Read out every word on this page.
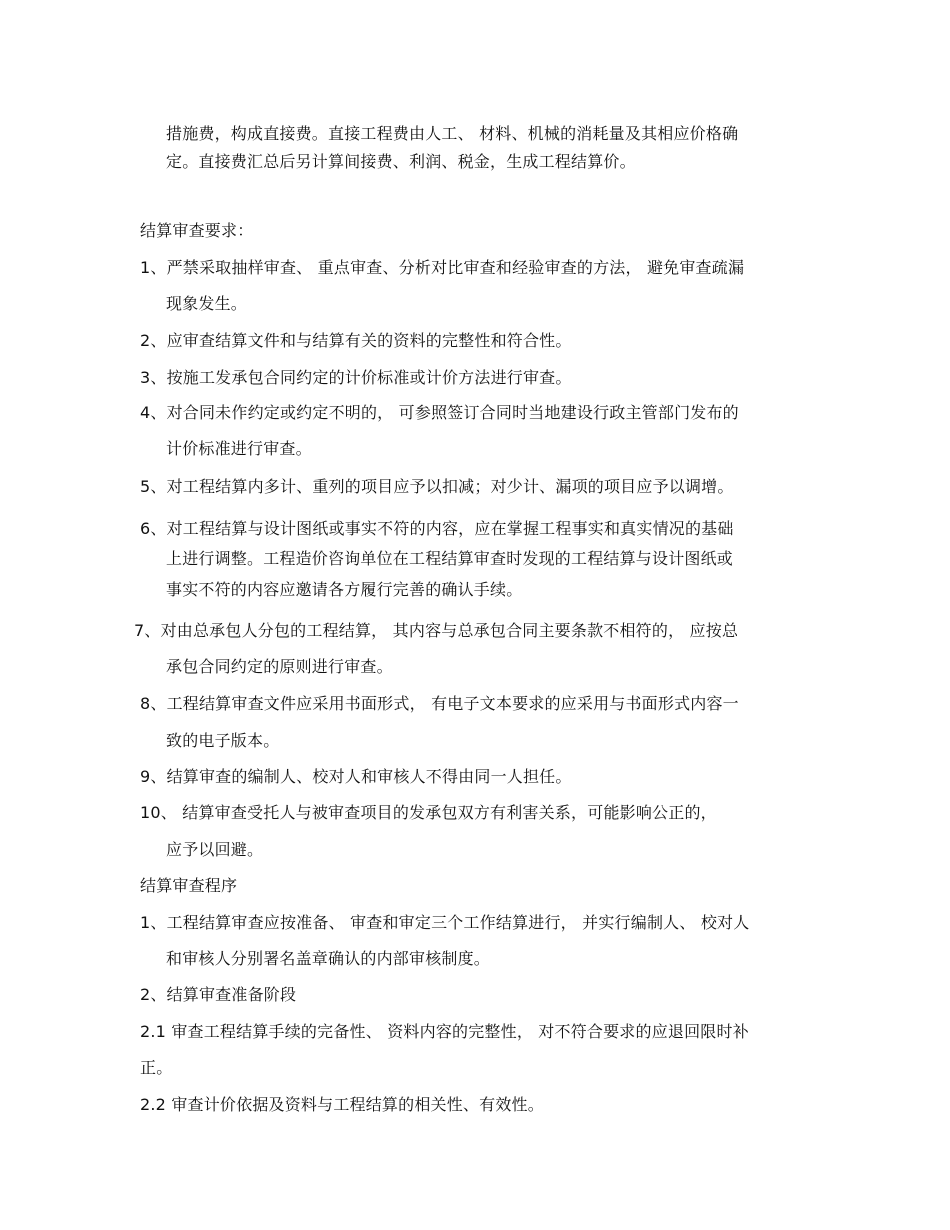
措施费，构成直接费。直接工程费由人工、 材料、机械的消耗量及其相应价格确
定。直接费汇总后另计算间接费、利润、税金，生成工程结算价。
结算审查要求：
1、严禁采取抽样审查、 重点审查、分析对比审查和经验审查的方法， 避免审查疏漏
现象发生。
2、应审查结算文件和与结算有关的资料的完整性和符合性。
3、按施工发承包合同约定的计价标准或计价方法进行审查。
4、对合同未作约定或约定不明的， 可参照签订合同时当地建设行政主管部门发布的
计价标准进行审查。
5、对工程结算内多计、重列的项目应予以扣减；对少计、漏项的项目应予以调增。
6、对工程结算与设计图纸或事实不符的内容，应在掌握工程事实和真实情况的基础
上进行调整。工程造价咨询单位在工程结算审查时发现的工程结算与设计图纸或
事实不符的内容应邀请各方履行完善的确认手续。
7、对由总承包人分包的工程结算， 其内容与总承包合同主要条款不相符的， 应按总
承包合同约定的原则进行审查。
8、工程结算审查文件应采用书面形式， 有电子文本要求的应采用与书面形式内容一
致的电子版本。
9、结算审查的编制人、校对人和审核人不得由同一人担任。
10、 结算审查受托人与被审查项目的发承包双方有利害关系，可能影响公正的，
应予以回避。
结算审查程序
1、工程结算审查应按准备、 审查和审定三个工作结算进行， 并实行编制人、 校对人
和审核人分别署名盖章确认的内部审核制度。
2、结算审查准备阶段
2.1 审查工程结算手续的完备性、 资料内容的完整性， 对不符合要求的应退回限时补
正。
2.2 审查计价依据及资料与工程结算的相关性、有效性。
